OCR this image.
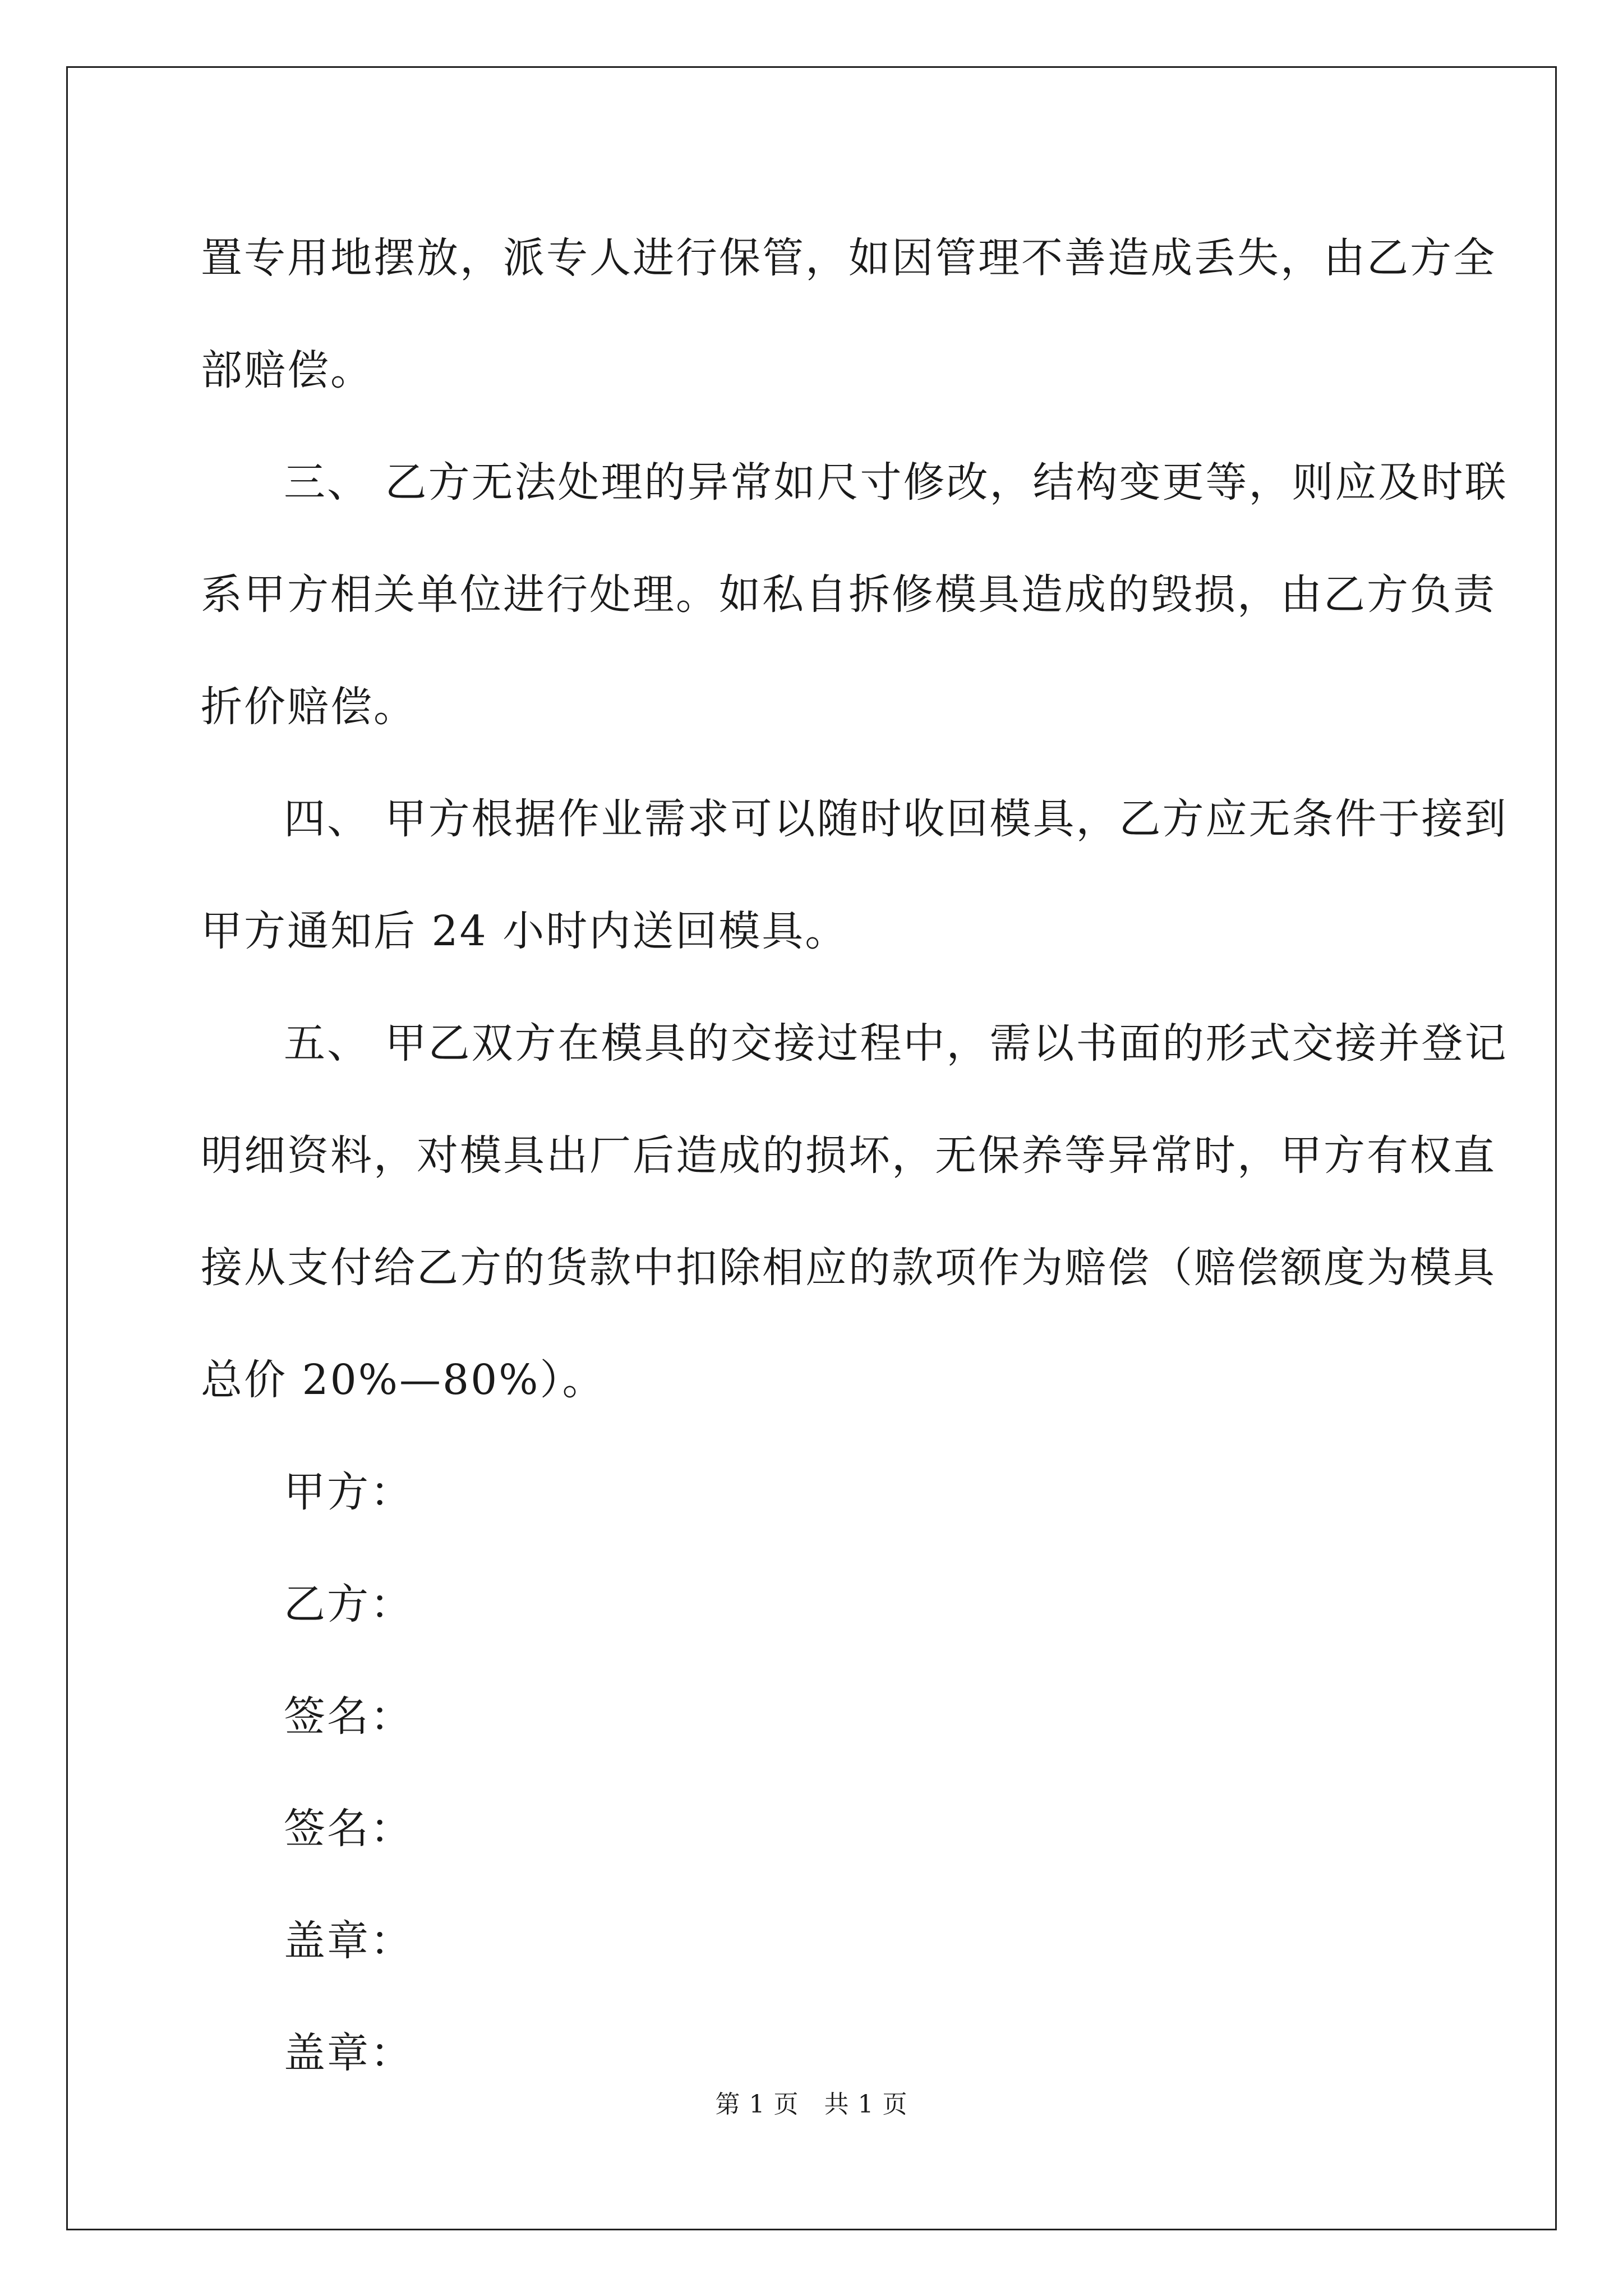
置专用地摆放，派专人进行保管，如因管理不善造成丢失，由乙方全
部赔偿。
三、 乙方无法处理的异常如尺寸修改，结构变更等，则应及时联
系甲方相关单位进行处理。如私自拆修模具造成的毁损，由乙方负责
折价赔偿。
四、 甲方根据作业需求可以随时收回模具，乙方应无条件于接到
甲方通知后 24 小时内送回模具。
五、 甲乙双方在模具的交接过程中，需以书面的形式交接并登记
明细资料，对模具出厂后造成的损坏，无保养等异常时，甲方有权直
接从支付给乙方的货款中扣除相应的款项作为赔偿（赔偿额度为模具
总价 20%—80%）。
甲方：
乙方：
签名：
签名：
盖章：
盖章：
第 1 页　共 1 页
